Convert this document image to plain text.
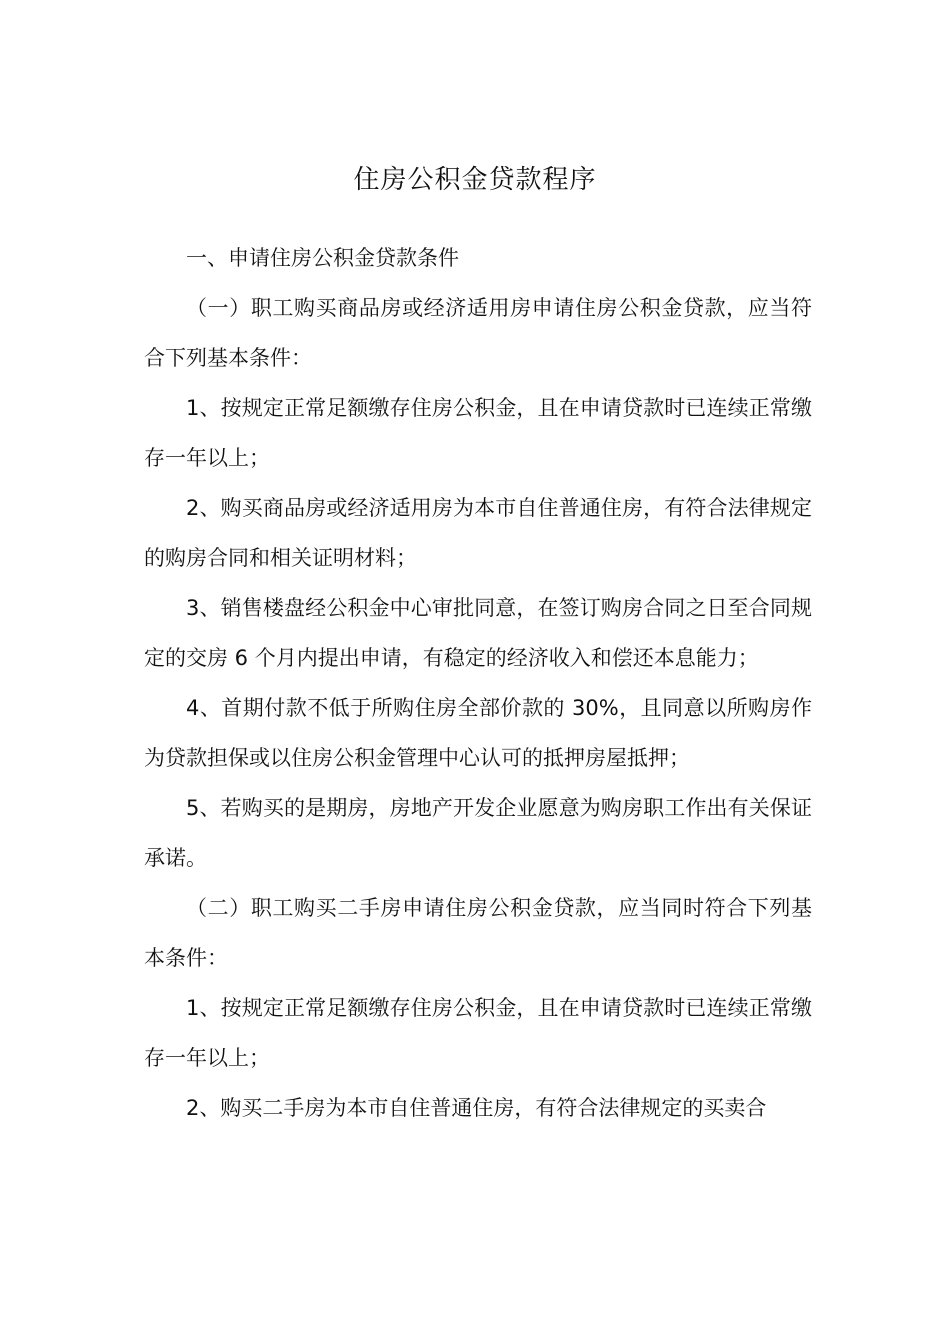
住房公积金贷款程序

一、申请住房公积金贷款条件

（一）职工购买商品房或经济适用房申请住房公积金贷款，应当符合下列基本条件：

1、按规定正常足额缴存住房公积金，且在申请贷款时已连续正常缴存一年以上；

2、购买商品房或经济适用房为本市自住普通住房，有符合法律规定的购房合同和相关证明材料；

3、销售楼盘经公积金中心审批同意，在签订购房合同之日至合同规定的交房 6 个月内提出申请，有稳定的经济收入和偿还本息能力；

4、首期付款不低于所购住房全部价款的 30%，且同意以所购房作为贷款担保或以住房公积金管理中心认可的抵押房屋抵押；

5、若购买的是期房，房地产开发企业愿意为购房职工作出有关保证承诺。

（二）职工购买二手房申请住房公积金贷款，应当同时符合下列基本条件：

1、按规定正常足额缴存住房公积金，且在申请贷款时已连续正常缴存一年以上；

2、购买二手房为本市自住普通住房，有符合法律规定的买卖合
